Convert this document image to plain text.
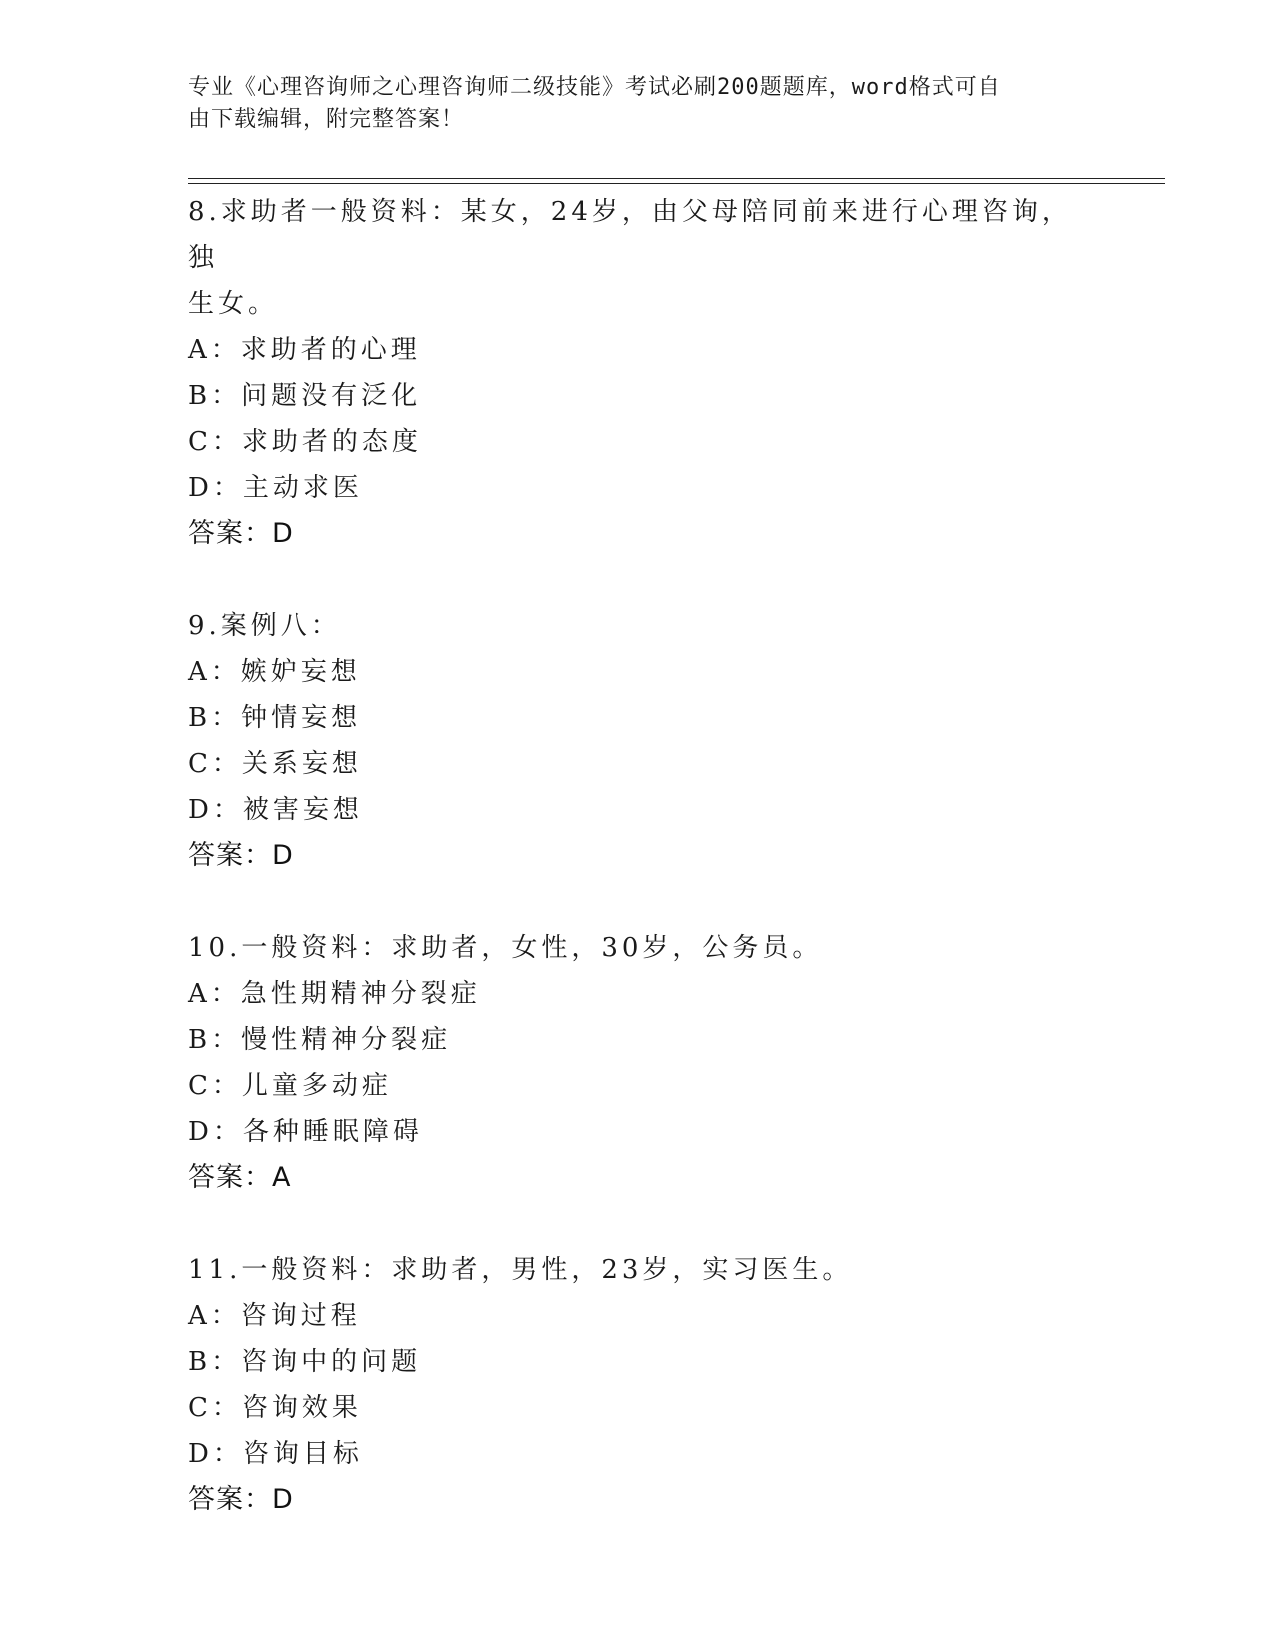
专业《心理咨询师之心理咨询师二级技能》考试必刷200题题库，word格式可自
由下载编辑，附完整答案！
8.求助者一般资料：某女，24岁，由父母陪同前来进行心理咨询，独
生女。
A：求助者的心理
B：问题没有泛化
C：求助者的态度
D：主动求医
答案：D
9.案例八：
A：嫉妒妄想
B：钟情妄想
C：关系妄想
D：被害妄想
答案：D
10.一般资料：求助者，女性，30岁，公务员。
A：急性期精神分裂症
B：慢性精神分裂症
C：儿童多动症
D：各种睡眠障碍
答案：A
11.一般资料：求助者，男性，23岁，实习医生。
A：咨询过程
B：咨询中的问题
C：咨询效果
D：咨询目标
答案：D
